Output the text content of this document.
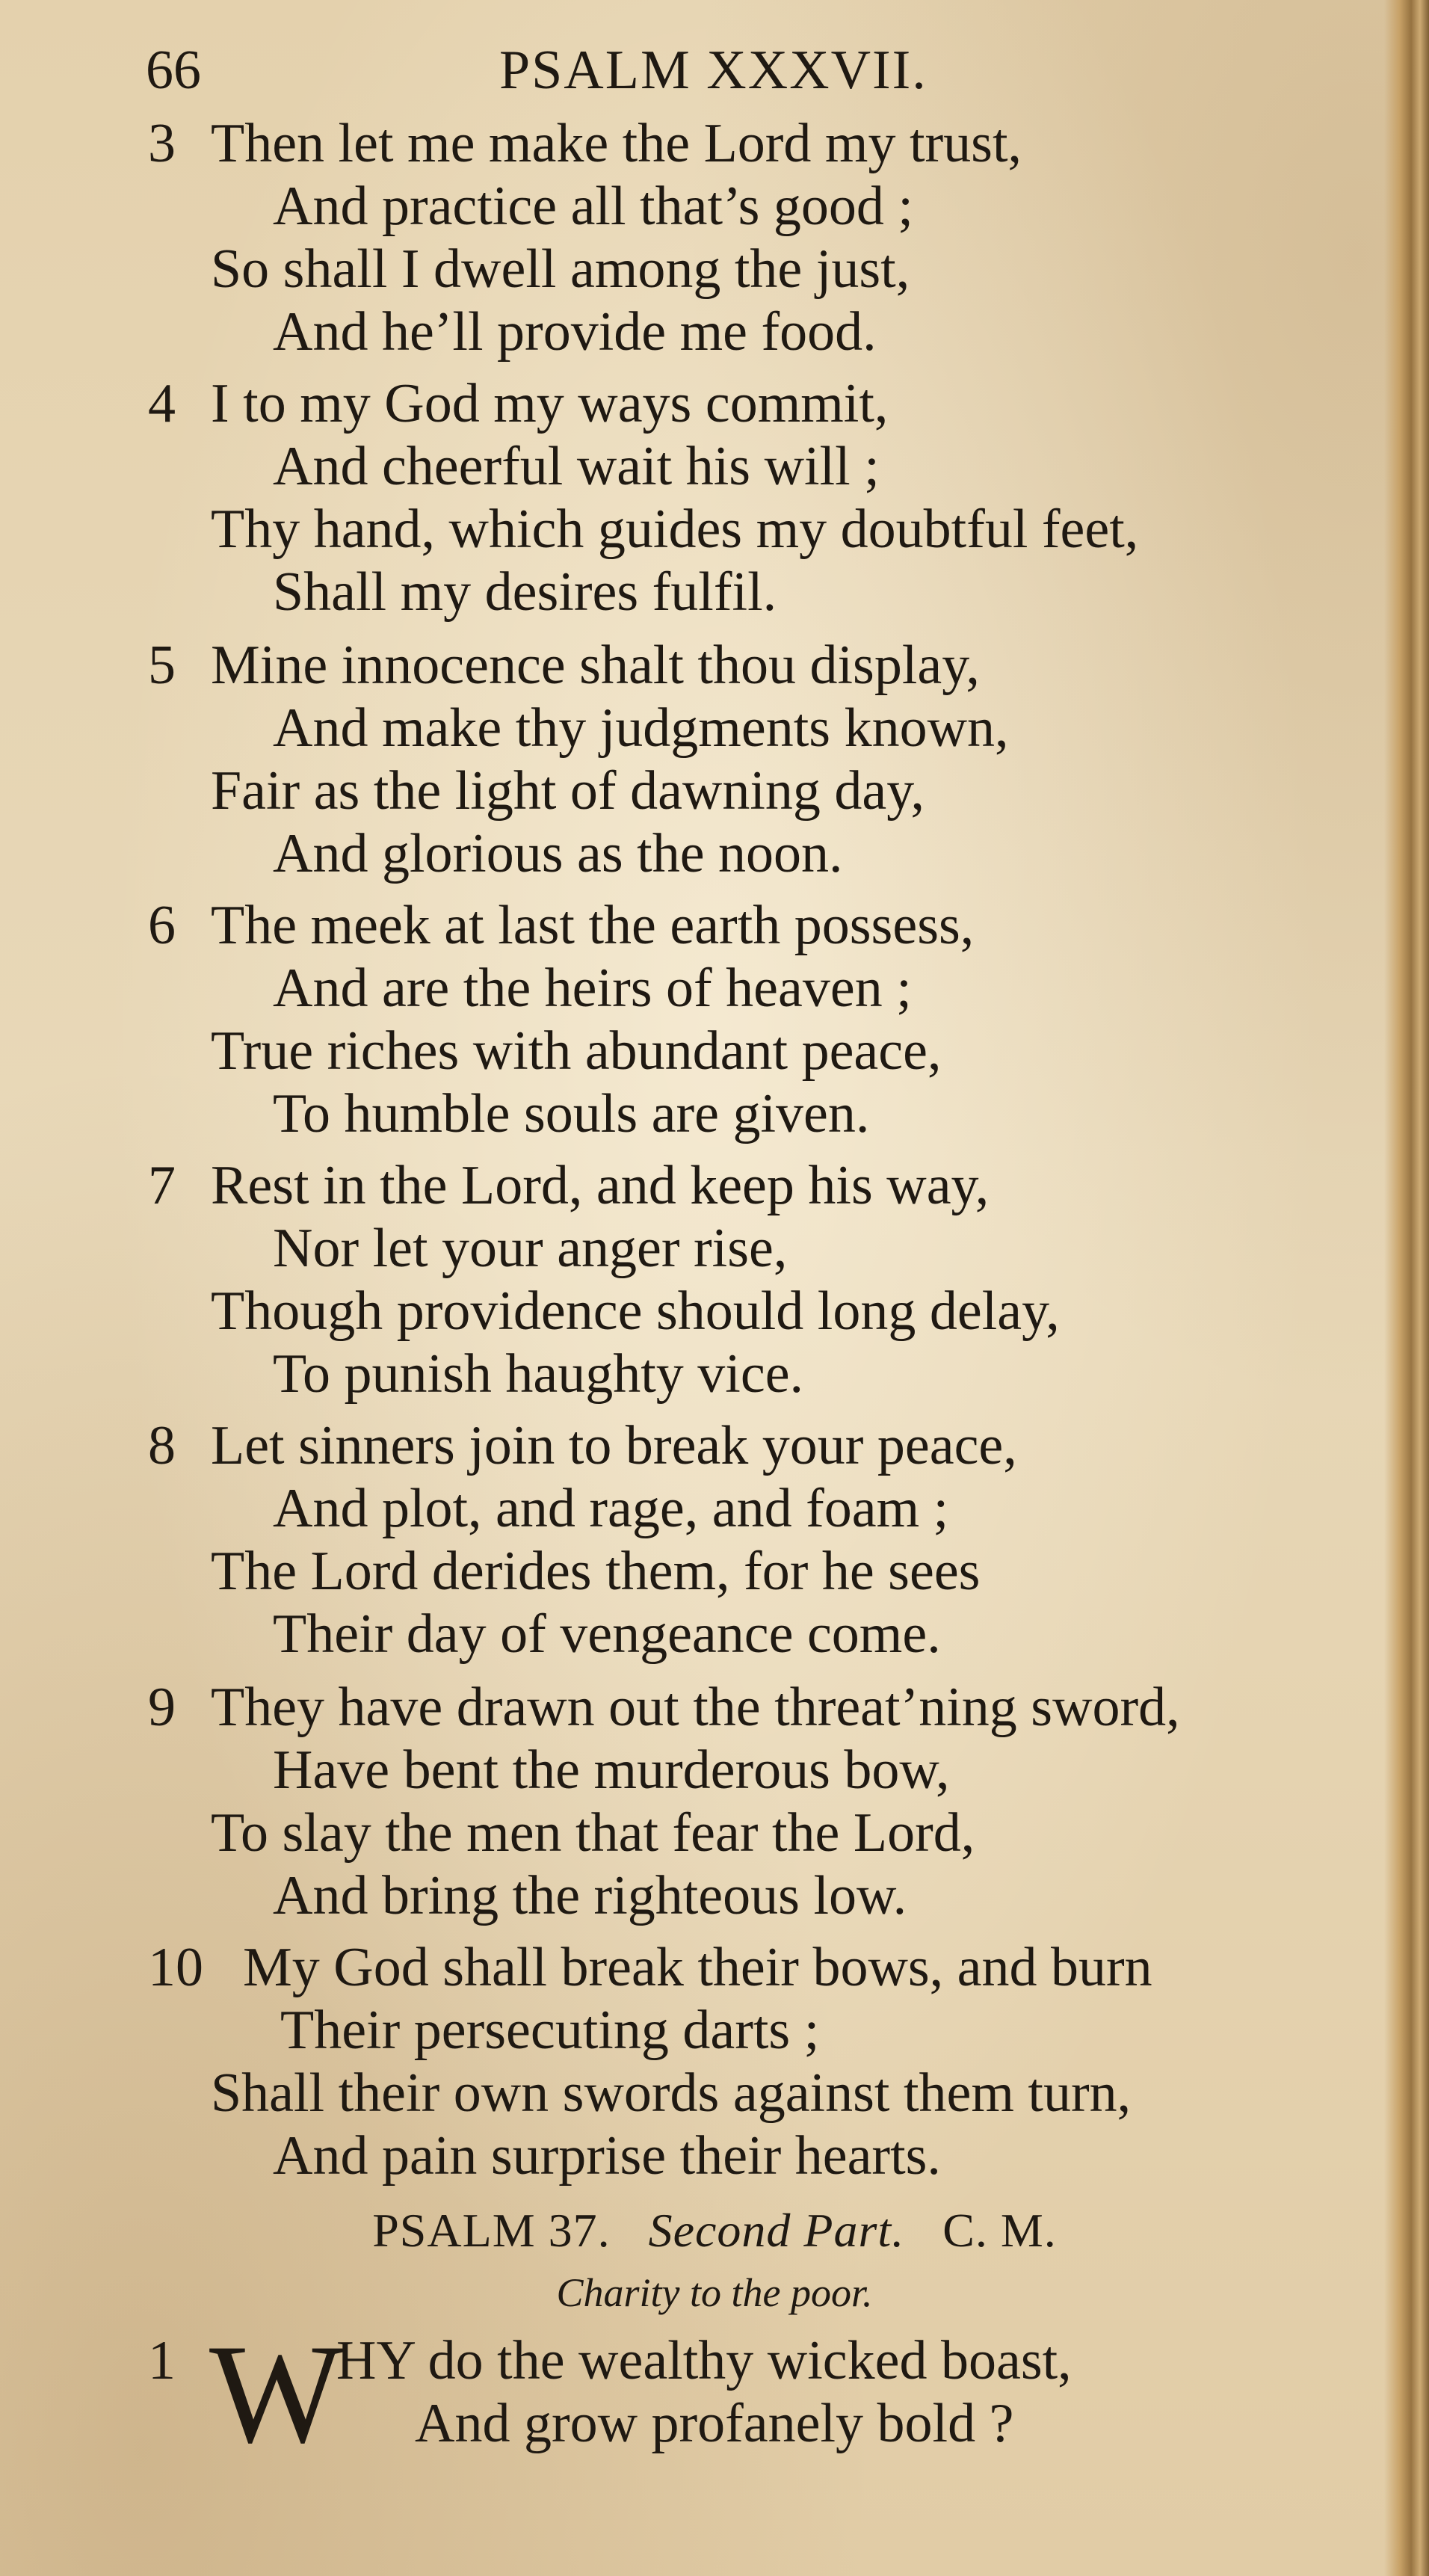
66	PSALM XXXVII.
3 Then let me make the Lord my trust,
And practice all that’s good ;
So shall I dwell among the just,
And he’ll provide me food.
4 I to my God my ways commit,
And cheerful wait his will ;
Thy hand, which guides my doubtful feet,
Shall my desires fulfil.
5 Mine innocence shalt thou display,
And make thy judgments known,
Fair as the light of dawning day,
And glorious as the noon.
6 The meek at last the earth possess,
And are the heirs of heaven ;
True riches with abundant peace,
To humble souls are given.
7 Rest in the Lord, and keep his way,
Nor let your anger rise,
Though providence should long delay,
To punish haughty vice.
8 Let sinners join to break your peace,
And plot, and rage, and foam ;
The Lord derides them, for he sees
Their day of vengeance come.
9 They have drawn out the threat’ning sword,
Have bent the murderous bow,
To slay the men that fear the Lord,
And bring the righteous low.
10 My God shall break their bows, and burn
Their persecuting darts ;
Shall their own swords against them turn,
And pain surprise their hearts.
PSALM 37. Second Part. C. M.
Charity to the poor.
1 W
HY do the wealthy wicked boast,
And grow profanely bold ?
